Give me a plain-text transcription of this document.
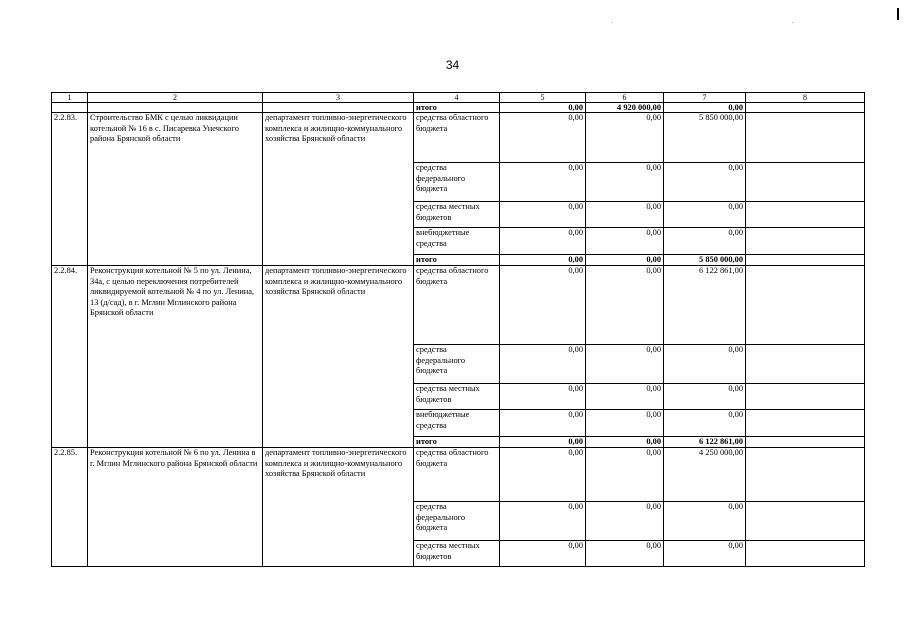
34
1	2	3	4	5	6	7	8
			итого	0,00	4 920 000,00	0,00	
2.2.83.	Строительство БМК с целью ликвидации котельной № 16 в с. Писаревка Унечского района Брянской области	департамент топливно-энергетического комплекса и жилищно-коммунального хозяйства Брянской области	средства областного бюджета	0,00	0,00	5 850 000,00	
			средства федерального бюджета	0,00	0,00	0,00	
			средства местных бюджетов	0,00	0,00	0,00	
			внебюджетные средства	0,00	0,00	0,00	
			итого	0,00	0,00	5 850 000,00	
2.2.84.	Реконструкция котельной № 5 по ул. Ленина, 34а, с целью переключения потребителей ликвидируемой котельной № 4 по ул. Ленина, 13 (д/сад), в г. Мглин Мглинского района Брянской области	департамент топливно-энергетического комплекса и жилищно-коммунального хозяйства Брянской области	средства областного бюджета	0,00	0,00	6 122 861,00	
			средства федерального бюджета	0,00	0,00	0,00	
			средства местных бюджетов	0,00	0,00	0,00	
			внебюджетные средства	0,00	0,00	0,00	
			итого	0,00	0,00	6 122 861,00	
2.2.85.	Реконструкция котельной № 6 по ул. Ленина в г. Мглин Мглинского района Брянской области	департамент топливно-энергетического комплекса и жилищно-коммунального хозяйства Брянской области	средства областного бюджета	0,00	0,00	4 250 000,00	
			средства федерального бюджета	0,00	0,00	0,00	
			средства местных бюджетов	0,00	0,00	0,00	
